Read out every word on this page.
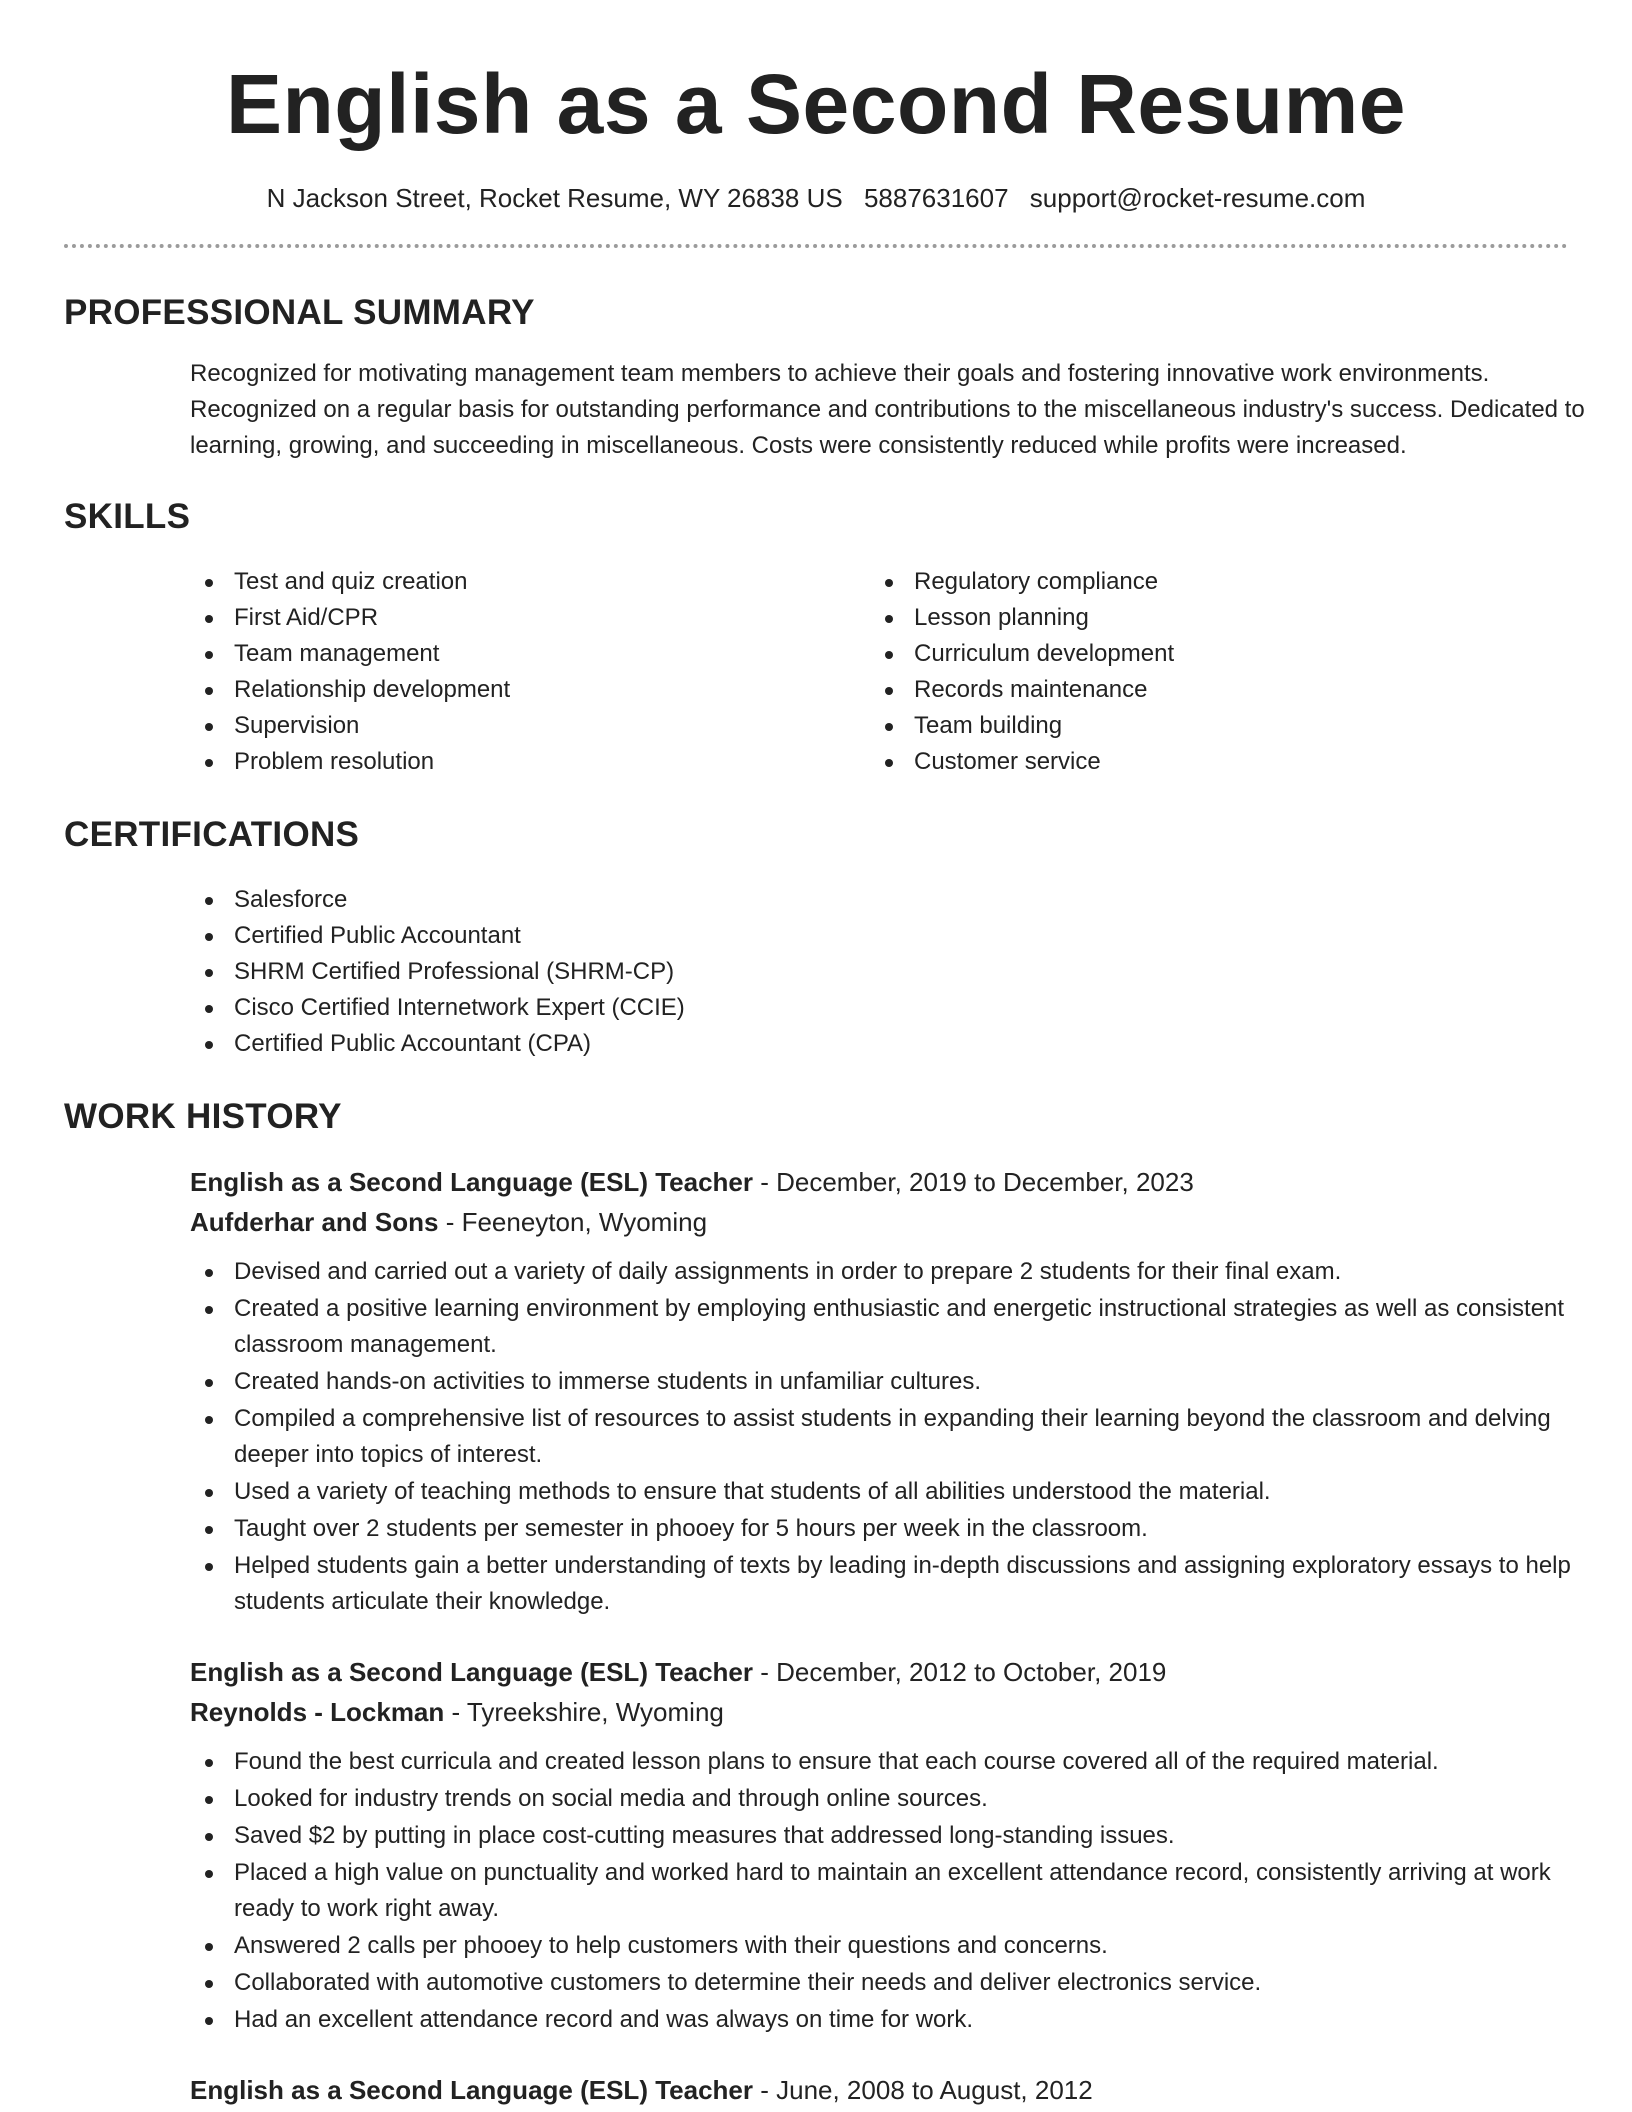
English as a Second Resume
N Jackson Street, Rocket Resume, WY 26838 US 5887631607 support@rocket-resume.com
PROFESSIONAL SUMMARY

Recognized for motivating management team members to achieve their goals and fostering innovative work environments. Recognized on a regular basis for outstanding performance and contributions to the miscellaneous industry's success. Dedicated to learning, growing, and succeeding in miscellaneous. Costs were consistently reduced while profits were increased.

SKILLS
Test and quiz creation
First Aid/CPR
Team management
Relationship development
Supervision
Problem resolution
Regulatory compliance
Lesson planning
Curriculum development
Records maintenance
Team building
Customer service
CERTIFICATIONS
Salesforce
Certified Public Accountant
SHRM Certified Professional (SHRM-CP)
Cisco Certified Internetwork Expert (CCIE)
Certified Public Accountant (CPA)
WORK HISTORY
English as a Second Language (ESL) Teacher - December, 2019 to December, 2023
Aufderhar and Sons - Feeneyton, Wyoming
Devised and carried out a variety of daily assignments in order to prepare 2 students for their final exam.
Created a positive learning environment by employing enthusiastic and energetic instructional strategies as well as consistent classroom management.
Created hands-on activities to immerse students in unfamiliar cultures.
Compiled a comprehensive list of resources to assist students in expanding their learning beyond the classroom and delving deeper into topics of interest.
Used a variety of teaching methods to ensure that students of all abilities understood the material.
Taught over 2 students per semester in phooey for 5 hours per week in the classroom.
Helped students gain a better understanding of texts by leading in-depth discussions and assigning exploratory essays to help students articulate their knowledge.
English as a Second Language (ESL) Teacher - December, 2012 to October, 2019
Reynolds - Lockman - Tyreekshire, Wyoming
Found the best curricula and created lesson plans to ensure that each course covered all of the required material.
Looked for industry trends on social media and through online sources.
Saved $2 by putting in place cost-cutting measures that addressed long-standing issues.
Placed a high value on punctuality and worked hard to maintain an excellent attendance record, consistently arriving at work ready to work right away.
Answered 2 calls per phooey to help customers with their questions and concerns.
Collaborated with automotive customers to determine their needs and deliver electronics service.
Had an excellent attendance record and was always on time for work.
English as a Second Language (ESL) Teacher - June, 2008 to August, 2012
